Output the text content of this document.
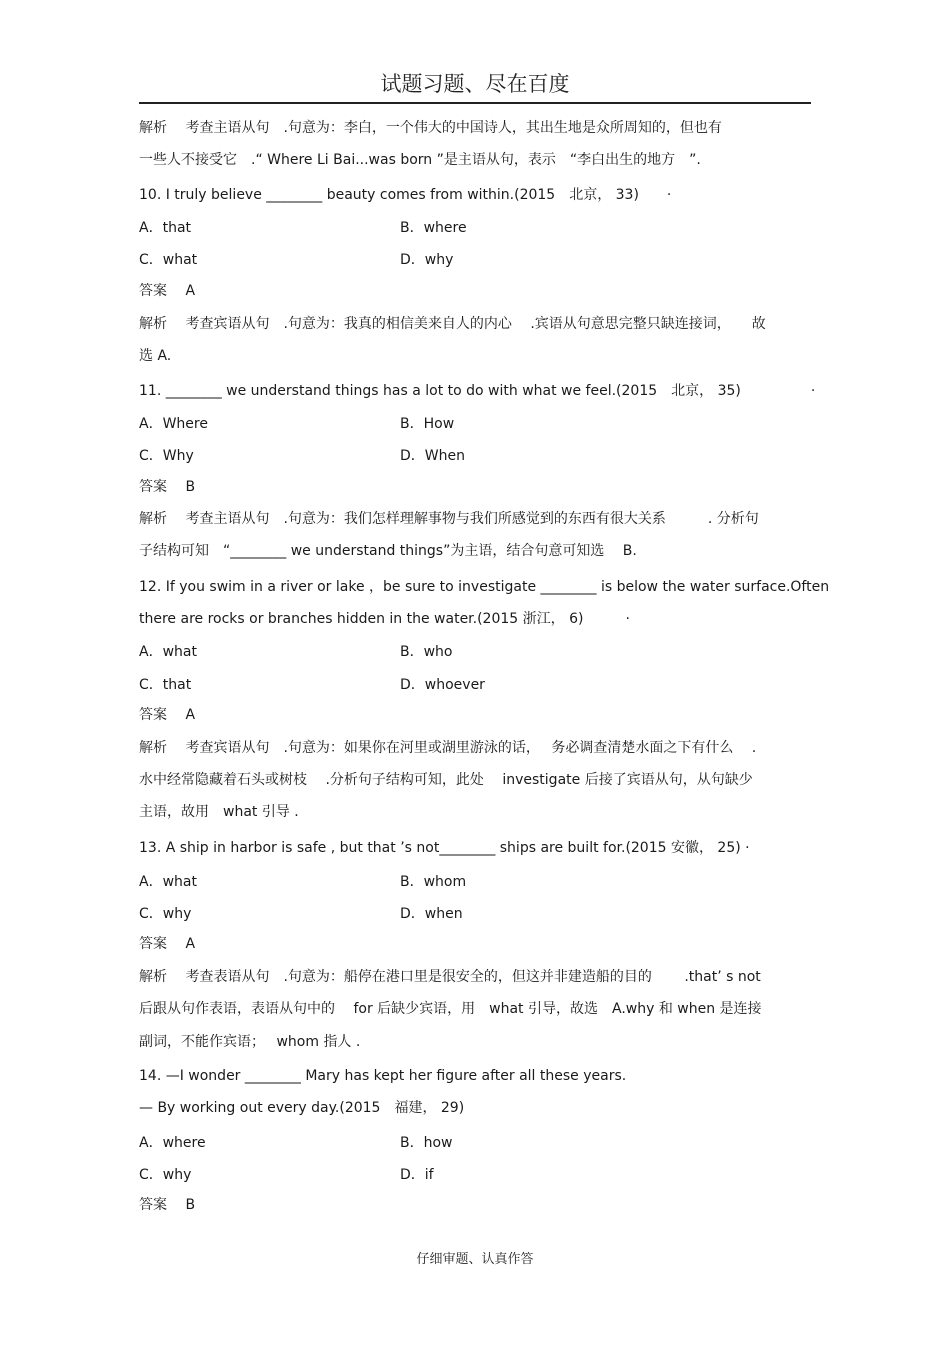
试题习题、尽在百度
解析　 考查主语从句　.句意为：李白，一个伟大的中国诗人，其出生地是众所周知的，但也有
一些人不接受它　.“ Where Li Bai...was born ”是主语从句，表示　“李白出生的地方　”.
10. I truly believe ________ beauty comes from within.(2015　北京， 33)　　·
A．that	B．where
C．what	D．why
答案　 A
解析　 考查宾语从句　.句意为：我真的相信美来自人的内心　 .宾语从句意思完整只缺连接词，　　故
选 A.
11. ________ we understand things has a lot to do with what we feel.(2015　北京， 35)　　　　　·
A．Where	B．How
C．Why	D．When
答案　 B
解析　 考查主语从句　.句意为：我们怎样理解事物与我们所感觉到的东西有很大关系　　　. 分析句
子结构可知　“________ we understand things”为主语，结合句意可知选　 B.
12. If you swim in a river or lake ，be sure to investigate ________ is below the water surface.Often
there are rocks or branches hidden in the water.(2015 浙江， 6)　　　·
A．what	B．who
C．that	D．whoever
答案　 A
解析　 考查宾语从句　.句意为：如果你在河里或湖里游泳的话，　 务必调查清楚水面之下有什么　 .
水中经常隐藏着石头或树枝　 .分析句子结构可知，此处　 investigate 后接了宾语从句，从句缺少
主语，故用　what 引导 .
13. A ship in harbor is safe , but that ’s not________ ships are built for.(2015 安徽， 25) ·
A．what	B．whom
C．why	D．when
答案　 A
解析　 考查表语从句　.句意为：船停在港口里是很安全的，但这并非建造船的目的　　 .that’ s not
后跟从句作表语，表语从句中的　 for 后缺少宾语，用　what 引导，故选　A.why 和 when 是连接
副词，不能作宾语；　 whom 指人 .
14. —I wonder ________ Mary has kept her figure after all these years.
— By working out every day.(2015　福建， 29)
A．where	B．how
C．why	D．if
答案　 B
仔细审题、认真作答
